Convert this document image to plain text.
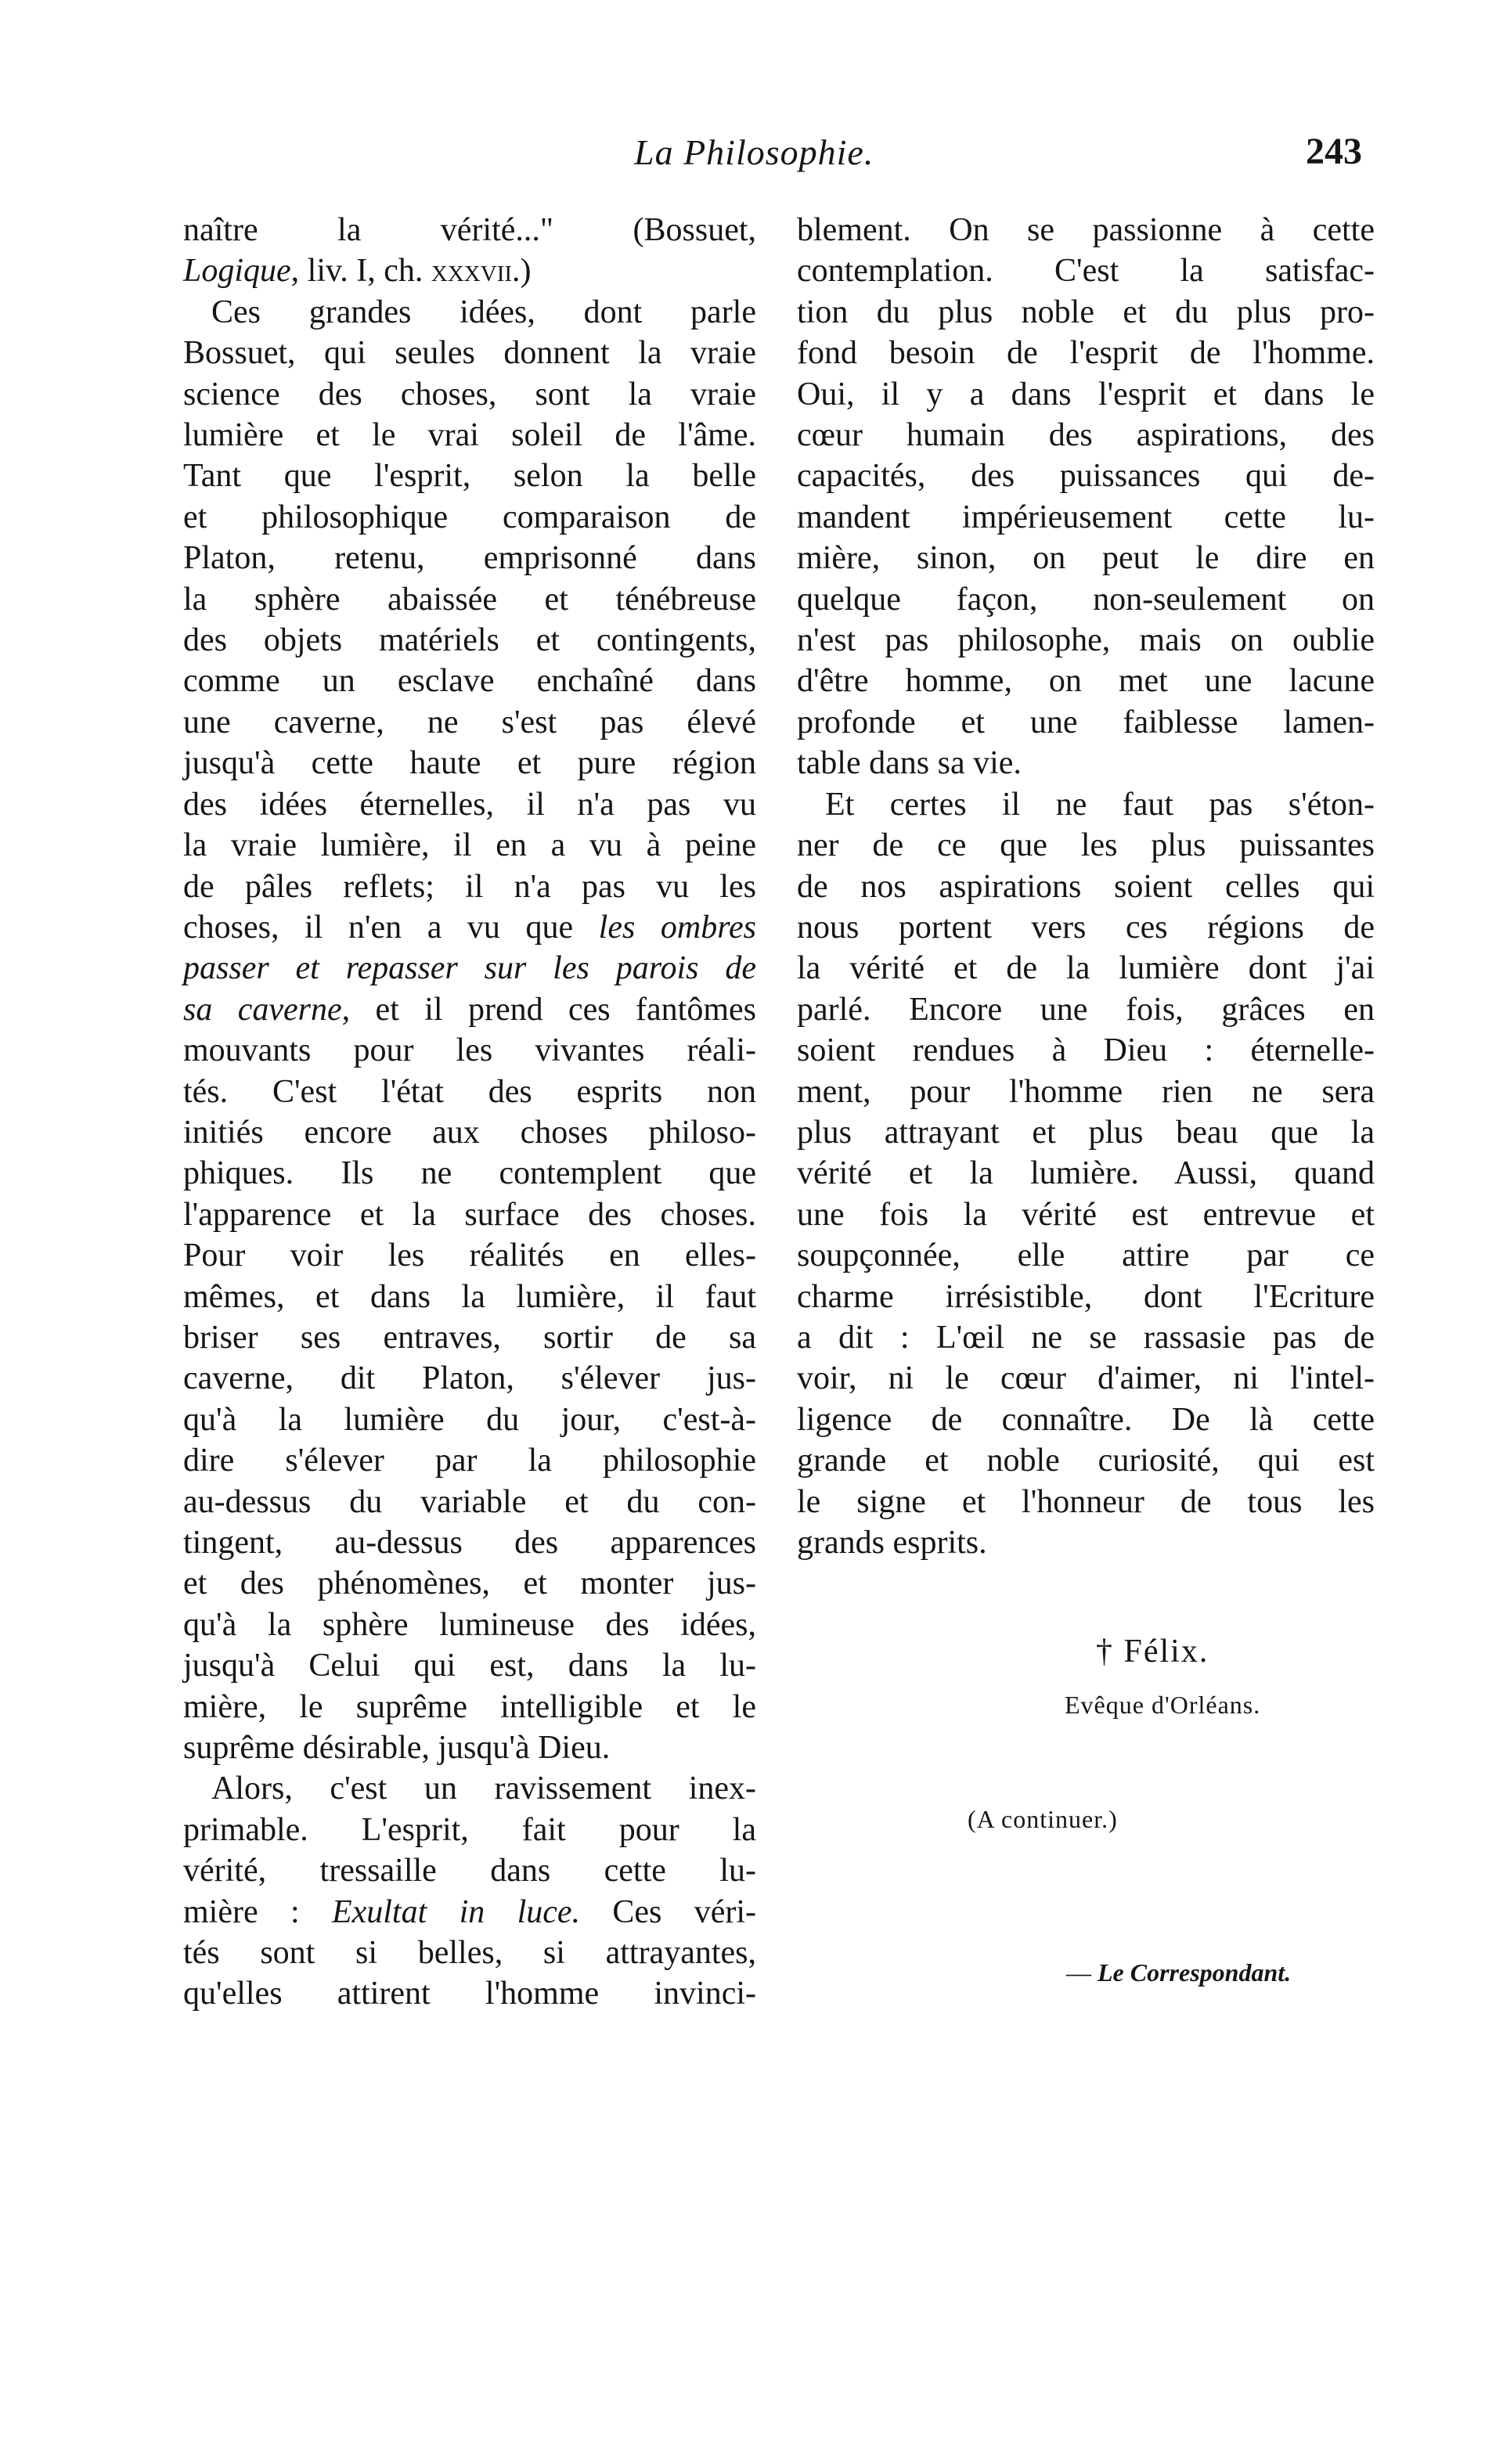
La Philosophie.	243
naître la vérité..." (Bossuet,
Logique, liv. I, ch. xxxvii.)
Ces grandes idées, dont parle
Bossuet, qui seules donnent la vraie
science des choses, sont la vraie
lumière et le vrai soleil de l'âme.
Tant que l'esprit, selon la belle
et philosophique comparaison de
Platon, retenu, emprisonné dans
la sphère abaissée et ténébreuse
des objets matériels et contingents,
comme un esclave enchaîné dans
une caverne, ne s'est pas élevé
jusqu'à cette haute et pure région
des idées éternelles, il n'a pas vu
la vraie lumière, il en a vu à peine
de pâles reflets; il n'a pas vu les
choses, il n'en a vu que les ombres
passer et repasser sur les parois de
sa caverne, et il prend ces fantômes
mouvants pour les vivantes réali-
tés. C'est l'état des esprits non
initiés encore aux choses philoso-
phiques. Ils ne contemplent que
l'apparence et la surface des choses.
Pour voir les réalités en elles-
mêmes, et dans la lumière, il faut
briser ses entraves, sortir de sa
caverne, dit Platon, s'élever jus-
qu'à la lumière du jour, c'est-à-
dire s'élever par la philosophie
au-dessus du variable et du con-
tingent, au-dessus des apparences
et des phénomènes, et monter jus-
qu'à la sphère lumineuse des idées,
jusqu'à Celui qui est, dans la lu-
mière, le suprême intelligible et le
suprême désirable, jusqu'à Dieu.
Alors, c'est un ravissement inex-
primable. L'esprit, fait pour la
vérité, tressaille dans cette lu-
mière : Exultat in luce. Ces véri-
tés sont si belles, si attrayantes,
qu'elles attirent l'homme invinci-
blement. On se passionne à cette
contemplation. C'est la satisfac-
tion du plus noble et du plus pro-
fond besoin de l'esprit de l'homme.
Oui, il y a dans l'esprit et dans le
cœur humain des aspirations, des
capacités, des puissances qui de-
mandent impérieusement cette lu-
mière, sinon, on peut le dire en
quelque façon, non-seulement on
n'est pas philosophe, mais on oublie
d'être homme, on met une lacune
profonde et une faiblesse lamen-
table dans sa vie.
Et certes il ne faut pas s'éton-
ner de ce que les plus puissantes
de nos aspirations soient celles qui
nous portent vers ces régions de
la vérité et de la lumière dont j'ai
parlé. Encore une fois, grâces en
soient rendues à Dieu : éternelle-
ment, pour l'homme rien ne sera
plus attrayant et plus beau que la
vérité et la lumière. Aussi, quand
une fois la vérité est entrevue et
soupçonnée, elle attire par ce
charme irrésistible, dont l'Ecriture
a dit : L'œil ne se rassasie pas de
voir, ni le cœur d'aimer, ni l'intel-
ligence de connaître. De là cette
grande et noble curiosité, qui est
le signe et l'honneur de tous les
grands esprits.
† Félix.
Evêque d'Orléans.
(A continuer.)
— Le Correspondant.
